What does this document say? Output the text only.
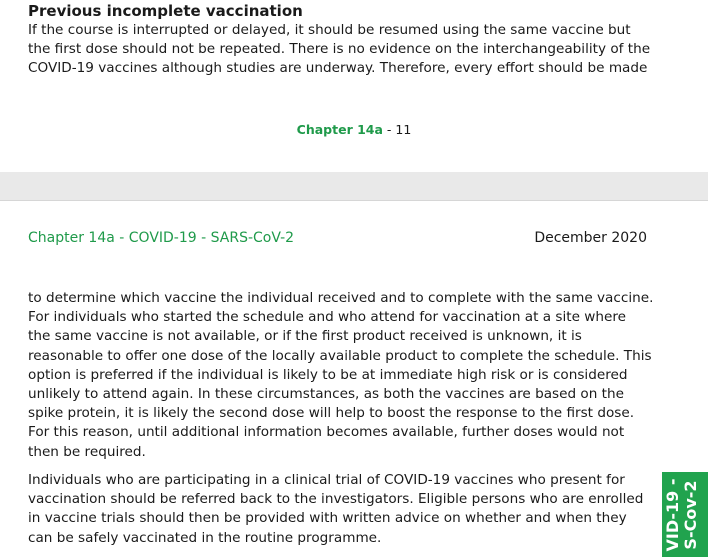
Previous incomplete vaccination

If the course is interrupted or delayed, it should be resumed using the same vaccine but
the first dose should not be repeated. There is no evidence on the interchangeability of the
COVID-19 vaccines although studies are underway. Therefore, every effort should be made

Chapter 14a - 11
Chapter 14a - COVID-19 - SARS-CoV-2	December 2020

to determine which vaccine the individual received and to complete with the same vaccine.
For individuals who started the schedule and who attend for vaccination at a site where
the same vaccine is not available, or if the first product received is unknown, it is
reasonable to offer one dose of the locally available product to complete the schedule. This
option is preferred if the individual is likely to be at immediate high risk or is considered
unlikely to attend again. In these circumstances, as both the vaccines are based on the
spike protein, it is likely the second dose will help to boost the response to the first dose.
For this reason, until additional information becomes available, further doses would not
then be required.

Individuals who are participating in a clinical trial of COVID-19 vaccines who present for
vaccination should be referred back to the investigators. Eligible persons who are enrolled
in vaccine trials should then be provided with written advice on whether and when they
can be safely vaccinated in the routine programme.	VID-19 - S-Cov-2
